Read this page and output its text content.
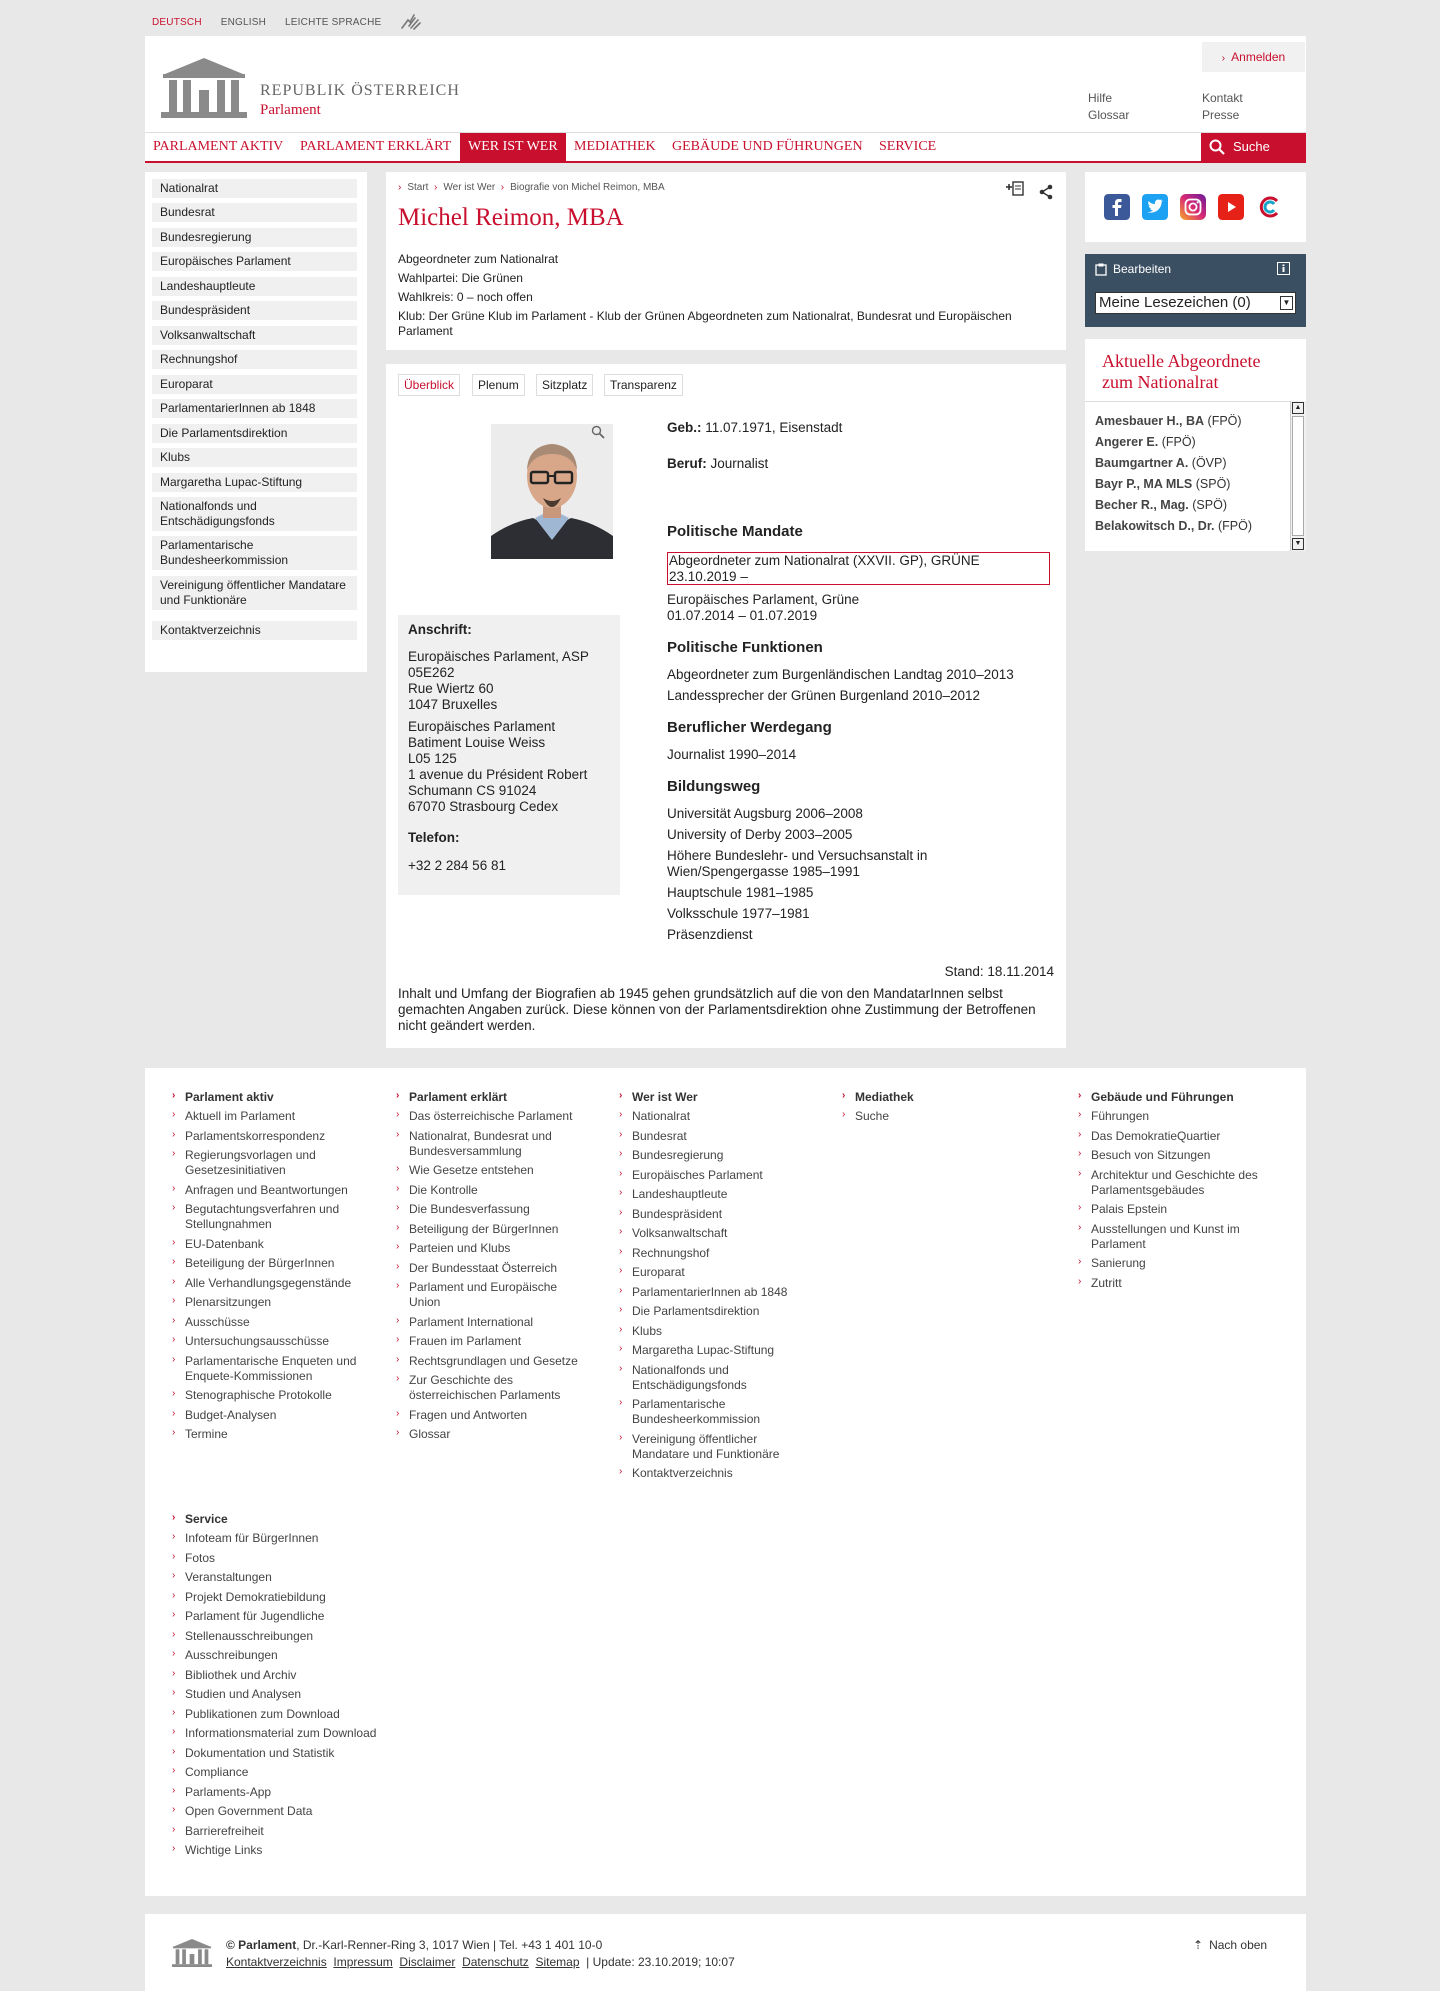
DEUTSCH ENGLISH LEICHTE SPRACHE
REPUBLIK ÖSTERREICH
Parlament
› Anmelden
Hilfe
Glossar
Kontakt
Presse
PARLAMENT AKTIV	PARLAMENT ERKLÄRT	WER IST WER	MEDIATHEK	GEBÄUDE UND FÜHRUNGEN	SERVICE	Suche
Nationalrat
Bundesrat
Bundesregierung
Europäisches Parlament
Landeshauptleute
Bundespräsident
Volksanwaltschaft
Rechnungshof
Europarat
ParlamentarierInnen ab 1848
Die Parlamentsdirektion
Klubs
Margaretha Lupac-Stiftung
Nationalfonds und Entschädigungsfonds
Parlamentarische Bundesheerkommission
Vereinigung öffentlicher Mandatare und Funktionäre
Kontaktverzeichnis
› Start › Wer ist Wer › Biografie von Michel Reimon, MBA
Michel Reimon, MBA
Abgeordneter zum Nationalrat
Wahlpartei: Die Grünen
Wahlkreis: 0 – noch offen
Klub: Der Grüne Klub im Parlament - Klub der Grünen Abgeordneten zum Nationalrat, Bundesrat und Europäischen Parlament
Überblick	Plenum	Sitzplatz	Transparenz
Anschrift:
Europäisches Parlament, ASP
05E262
Rue Wiertz 60
1047 Bruxelles
Europäisches Parlament
Batiment Louise Weiss
L05 125
1 avenue du Président Robert
Schumann CS 91024
67070 Strasbourg Cedex
Telefon:
+32 2 284 56 81
Geb.: 11.07.1971, Eisenstadt
Beruf: Journalist
Politische Mandate
Abgeordneter zum Nationalrat (XXVII. GP), GRÜNE
23.10.2019 –
Europäisches Parlament, Grüne
01.07.2014 – 01.07.2019
Politische Funktionen
Abgeordneter zum Burgenländischen Landtag 2010–2013
Landessprecher der Grünen Burgenland 2010–2012
Beruflicher Werdegang
Journalist 1990–2014
Bildungsweg
Universität Augsburg 2006–2008
University of Derby 2003–2005
Höhere Bundeslehr- und Versuchsanstalt in Wien/Spengergasse 1985–1991
Hauptschule 1981–1985
Volksschule 1977–1981
Präsenzdienst
Stand: 18.11.2014
Inhalt und Umfang der Biografien ab 1945 gehen grundsätzlich auf die von den MandatarInnen selbst gemachten Angaben zurück. Diese können von der Parlamentsdirektion ohne Zustimmung der Betroffenen nicht geändert werden.
Bearbeiten
Meine Lesezeichen (0)	▼
Aktuelle Abgeordnete
zum Nationalrat
Amesbauer H., BA (FPÖ)
Angerer E. (FPÖ)
Baumgartner A. (ÖVP)
Bayr P., MA MLS (SPÖ)
Becher R., Mag. (SPÖ)
Belakowitsch D., Dr. (FPÖ)
▲
▼
› Parlament aktiv
› Aktuell im Parlament
› Parlamentskorrespondenz
› Regierungsvorlagen und Gesetzesinitiativen
› Anfragen und Beantwortungen
› Begutachtungsverfahren und Stellungnahmen
› EU-Datenbank
› Beteiligung der BürgerInnen
› Alle Verhandlungsgegenstände
› Plenarsitzungen
› Ausschüsse
› Untersuchungsausschüsse
› Parlamentarische Enqueten und Enquete-Kommissionen
› Stenographische Protokolle
› Budget-Analysen
› Termine
› Parlament erklärt
› Das österreichische Parlament
› Nationalrat, Bundesrat und Bundesversammlung
› Wie Gesetze entstehen
› Die Kontrolle
› Die Bundesverfassung
› Beteiligung der BürgerInnen
› Parteien und Klubs
› Der Bundesstaat Österreich
› Parlament und Europäische Union
› Parlament International
› Frauen im Parlament
› Rechtsgrundlagen und Gesetze
› Zur Geschichte des österreichischen Parlaments
› Fragen und Antworten
› Glossar
› Wer ist Wer
› Nationalrat
› Bundesrat
› Bundesregierung
› Europäisches Parlament
› Landeshauptleute
› Bundespräsident
› Volksanwaltschaft
› Rechnungshof
› Europarat
› ParlamentarierInnen ab 1848
› Die Parlamentsdirektion
› Klubs
› Margaretha Lupac-Stiftung
› Nationalfonds und Entschädigungsfonds
› Parlamentarische Bundesheerkommission
› Vereinigung öffentlicher Mandatare und Funktionäre
› Kontaktverzeichnis
› Mediathek
› Suche
› Gebäude und Führungen
› Führungen
› Das DemokratieQuartier
› Besuch von Sitzungen
› Architektur und Geschichte des Parlamentsgebäudes
› Palais Epstein
› Ausstellungen und Kunst im Parlament
› Sanierung
› Zutritt
› Service
› Infoteam für BürgerInnen
› Fotos
› Veranstaltungen
› Projekt Demokratiebildung
› Parlament für Jugendliche
› Stellenausschreibungen
› Ausschreibungen
› Bibliothek und Archiv
› Studien und Analysen
› Publikationen zum Download
› Informationsmaterial zum Download
› Dokumentation und Statistik
› Compliance
› Parlaments-App
› Open Government Data
› Barrierefreiheit
› Wichtige Links
© Parlament, Dr.-Karl-Renner-Ring 3, 1017 Wien | Tel. +43 1 401 10-0
Kontaktverzeichnis Impressum Disclaimer Datenschutz Sitemap | Update: 23.10.2019; 10:07
⇡ Nach oben
